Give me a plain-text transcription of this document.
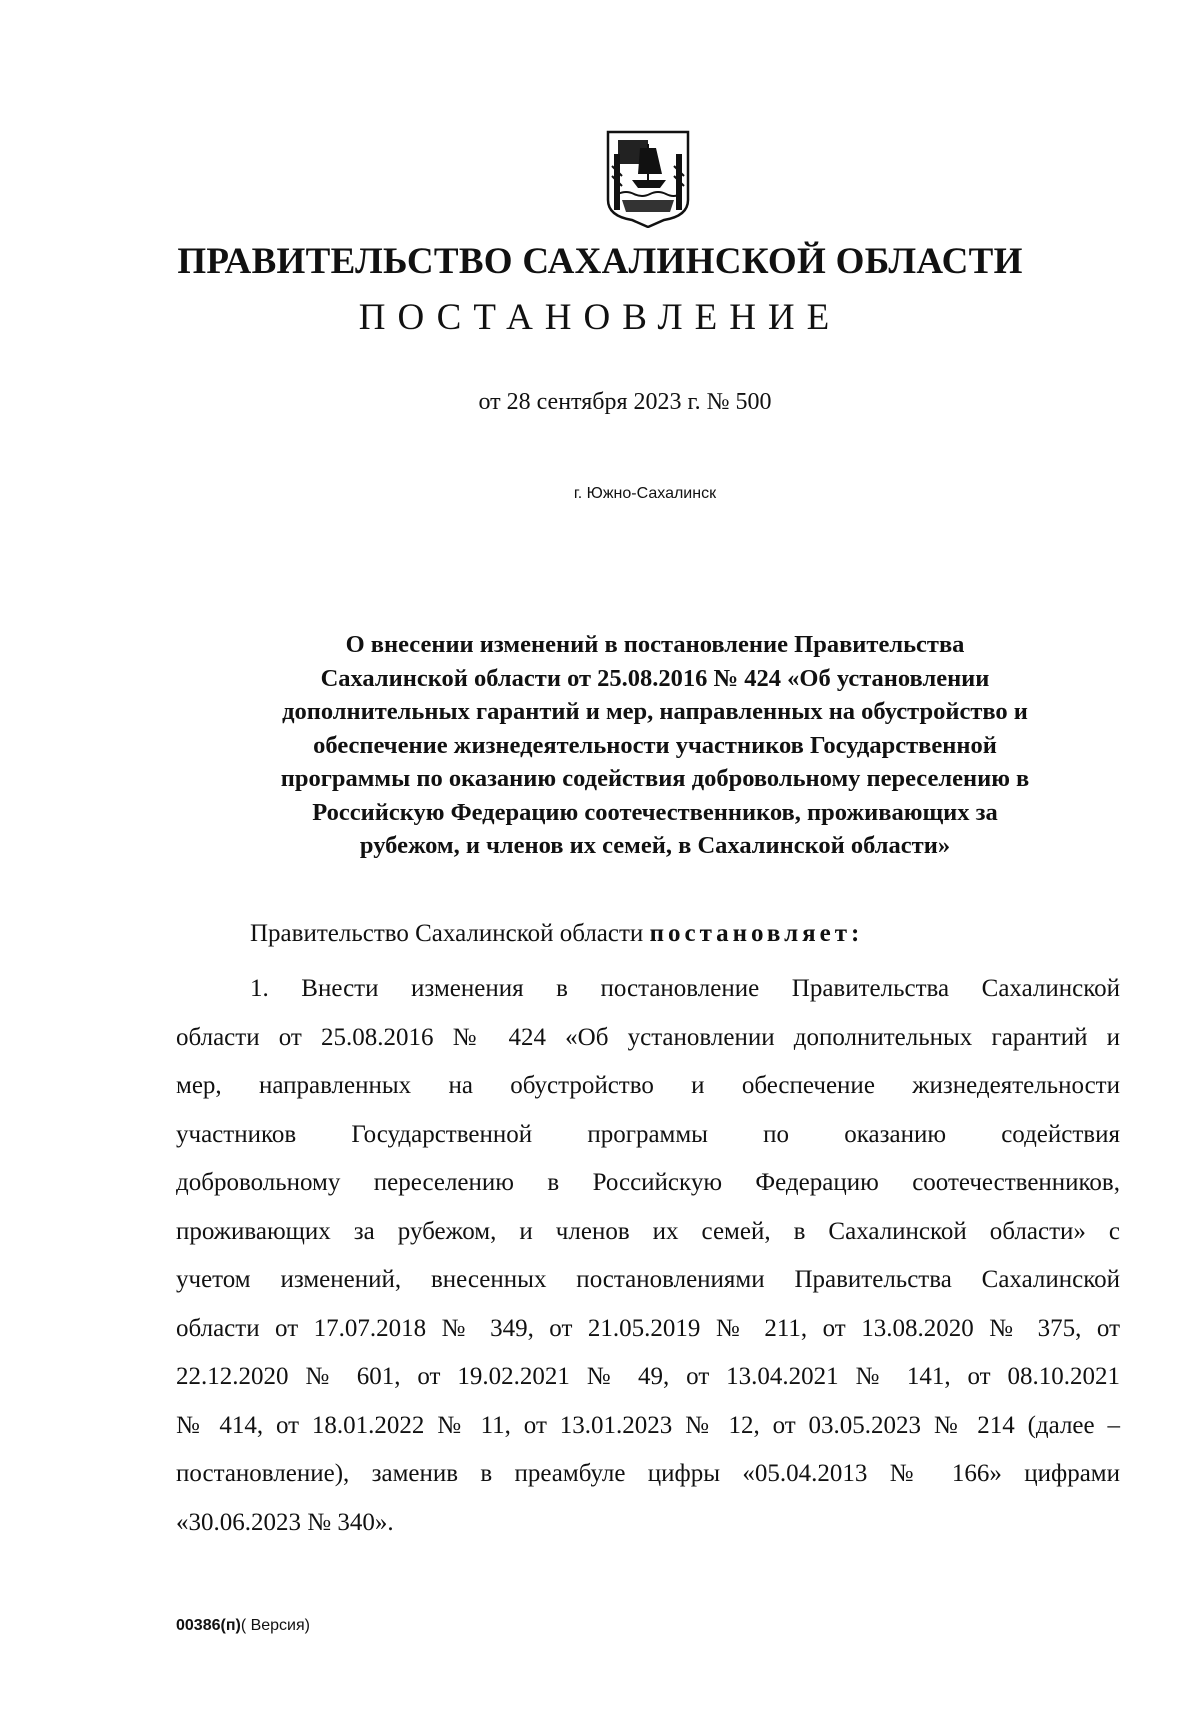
ПРАВИТЕЛЬСТВО САХАЛИНСКОЙ ОБЛАСТИ
ПОСТАНОВЛЕНИЕ
от 28 сентября 2023 г. № 500
г. Южно-Сахалинск
О внесении изменений в постановление Правительства
Сахалинской области от 25.08.2016 № 424 «Об установлении
дополнительных гарантий и мер, направленных на обустройство и
обеспечение жизнедеятельности участников Государственной
программы по оказанию содействия добровольному переселению в
Российскую Федерацию соотечественников, проживающих за
рубежом, и членов их семей, в Сахалинской области»
Правительство Сахалинской области постановляет:
1. Внести изменения в постановление Правительства Сахалинской
области от 25.08.2016 № 424 «Об установлении дополнительных гарантий и
мер, направленных на обустройство и обеспечение жизнедеятельности
участников Государственной программы по оказанию содействия
добровольному переселению в Российскую Федерацию соотечественников,
проживающих за рубежом, и членов их семей, в Сахалинской области» с
учетом изменений, внесенных постановлениями Правительства Сахалинской
области от 17.07.2018 № 349, от 21.05.2019 № 211, от 13.08.2020 № 375, от
22.12.2020 № 601, от 19.02.2021 № 49, от 13.04.2021 № 141, от 08.10.2021
№ 414, от 18.01.2022 № 11, от 13.01.2023 № 12, от 03.05.2023 № 214 (далее –
постановление), заменив в преамбуле цифры «05.04.2013 № 166» цифрами
«30.06.2023 № 340».
00386(п)( Версия)
